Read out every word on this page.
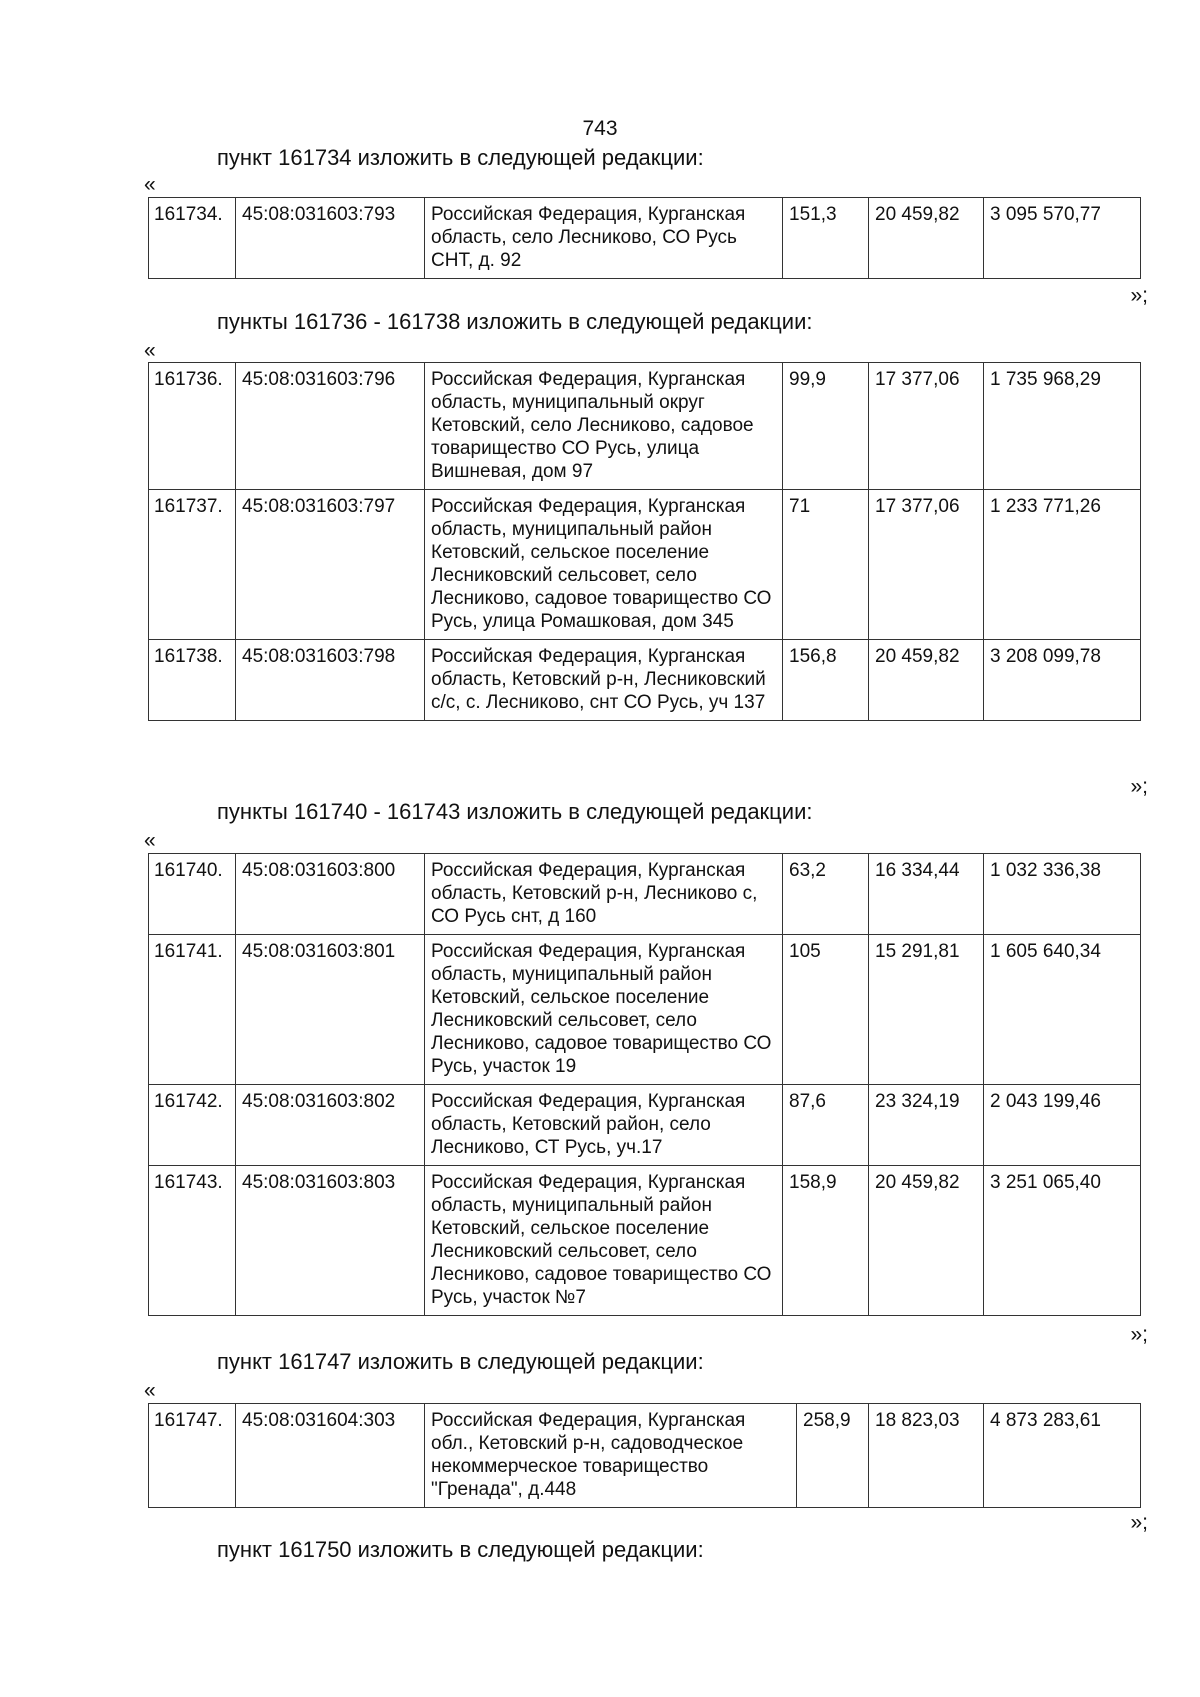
743
пункт 161734 изложить в следующей редакции:
«
161734.	45:08:031603:793	Российская Федерация, Курганская область, село Лесниково, СО Русь СНТ, д. 92	151,3	20 459,82	3 095 570,77
»;
пункты 161736 - 161738 изложить в следующей редакции:
«
161736.	45:08:031603:796	Российская Федерация, Курганская область, муниципальный округ Кетовский, село Лесниково, садовое товарищество СО Русь, улица Вишневая, дом 97	99,9	17 377,06	1 735 968,29
161737.	45:08:031603:797	Российская Федерация, Курганская область, муниципальный район Кетовский, сельское поселение Лесниковский сельсовет, село Лесниково, садовое товарищество СО Русь, улица Ромашковая, дом 345	71	17 377,06	1 233 771,26
161738.	45:08:031603:798	Российская Федерация, Курганская область, Кетовский р-н, Лесниковский с/с, с. Лесниково, снт СО Русь, уч 137	156,8	20 459,82	3 208 099,78
»;
пункты 161740 - 161743 изложить в следующей редакции:
«
161740.	45:08:031603:800	Российская Федерация, Курганская область, Кетовский р-н, Лесниково с, СО Русь снт, д 160	63,2	16 334,44	1 032 336,38
161741.	45:08:031603:801	Российская Федерация, Курганская область, муниципальный район Кетовский, сельское поселение Лесниковский сельсовет, село Лесниково, садовое товарищество СО Русь, участок 19	105	15 291,81	1 605 640,34
161742.	45:08:031603:802	Российская Федерация, Курганская область, Кетовский район, село Лесниково, СТ Русь, уч.17	87,6	23 324,19	2 043 199,46
161743.	45:08:031603:803	Российская Федерация, Курганская область, муниципальный район Кетовский, сельское поселение Лесниковский сельсовет, село Лесниково, садовое товарищество СО Русь, участок №7	158,9	20 459,82	3 251 065,40
»;
пункт 161747 изложить в следующей редакции:
«
161747.	45:08:031604:303	Российская Федерация, Курганская обл., Кетовский р-н, садоводческое некоммерческое товарищество "Гренада", д.448	258,9	18 823,03	4 873 283,61
»;
пункт 161750 изложить в следующей редакции:
